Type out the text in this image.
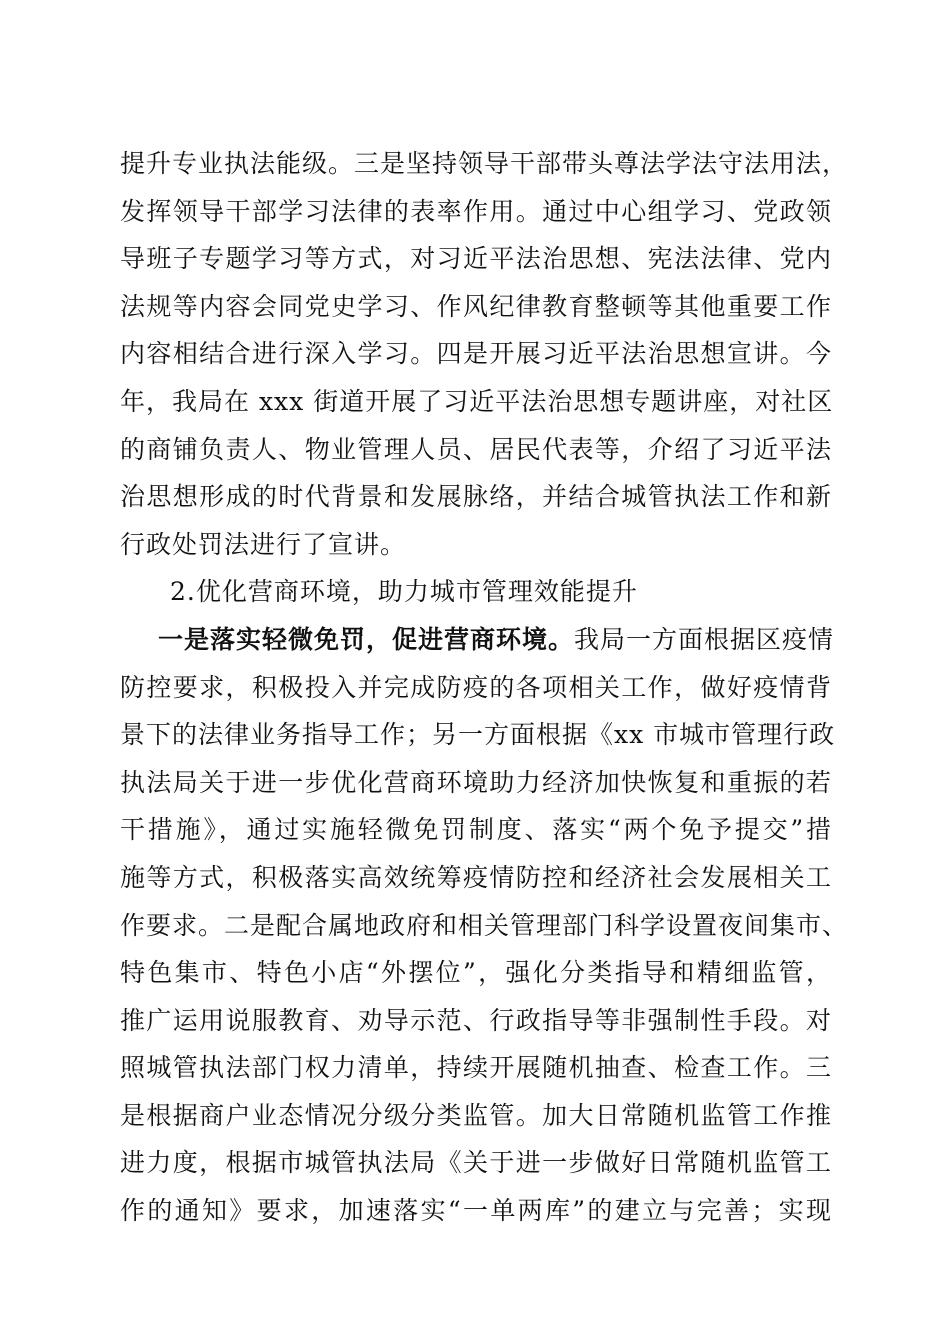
提升专业执法能级。三是坚持领导干部带头尊法学法守法用法，
发挥领导干部学习法律的表率作用。通过中心组学习、党政领
导班子专题学习等方式，对习近平法治思想、宪法法律、党内
法规等内容会同党史学习、作风纪律教育整顿等其他重要工作
内容相结合进行深入学习。四是开展习近平法治思想宣讲。今
年，我局在 xxx 街道开展了习近平法治思想专题讲座，对社区
的商铺负责人、物业管理人员、居民代表等，介绍了习近平法
治思想形成的时代背景和发展脉络，并结合城管执法工作和新
行政处罚法进行了宣讲。
2.优化营商环境，助力城市管理效能提升
一是落实轻微免罚，促进营商环境。我局一方面根据区疫情
防控要求，积极投入并完成防疫的各项相关工作，做好疫情背
景下的法律业务指导工作；另一方面根据《xx 市城市管理行政
执法局关于进一步优化营商环境助力经济加快恢复和重振的若
干措施》，通过实施轻微免罚制度、落实“两个免予提交”措
施等方式，积极落实高效统筹疫情防控和经济社会发展相关工
作要求。二是配合属地政府和相关管理部门科学设置夜间集市、
特色集市、特色小店“外摆位”，强化分类指导和精细监管，
推广运用说服教育、劝导示范、行政指导等非强制性手段。对
照城管执法部门权力清单，持续开展随机抽查、检查工作。三
是根据商户业态情况分级分类监管。加大日常随机监管工作推
进力度，根据市城管执法局《关于进一步做好日常随机监管工
作的通知》要求，加速落实“一单两库”的建立与完善；实现
